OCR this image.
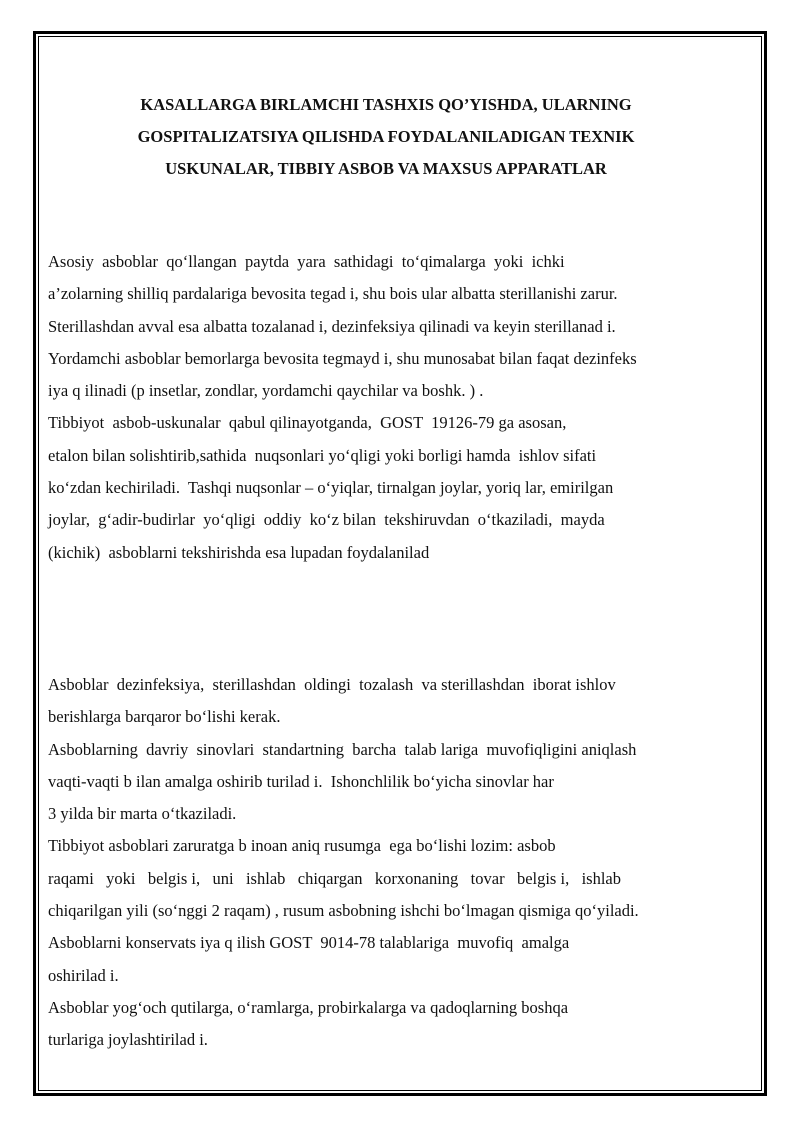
KASALLARGA BIRLAMCHI TASHXIS QO’YISHDA, ULARNING
GOSPITALIZATSIYA QILISHDA FOYDALANILADIGAN TEXNIK
USKUNALAR, TIBBIY ASBOB VA MAXSUS APPARATLAR
Asosiy  asboblar  qo‘llangan  paytda  yara  sathidagi  to‘qimalarga  yoki  ichki
a’zolarning shilliq pardalariga bevosita tegad i, shu bois ular albatta sterillanishi zarur.
Sterillashdan avval esa albatta tozalanad i, dezinfeksiya qilinadi va keyin sterillanad i.
Yordamchi asboblar bemorlarga bevosita tegmayd i, shu munosabat bilan faqat dezinfeks
iya q ilinadi (p insetlar, zondlar, yordamchi qaychilar va boshk. ) .
Tibbiyot  asbob-uskunalar  qabul qilinayotganda,  GOST  19126-79 ga asosan,
etalon bilan solishtirib,sathida  nuqsonlari yo‘qligi yoki borligi hamda  ishlov sifati
ko‘zdan kechiriladi.  Tashqi nuqsonlar – o‘yiqlar, tirnalgan joylar, yoriq lar, emirilgan
joylar,  g‘adir-budirlar  yo‘qligi  oddiy  ko‘z bilan  tekshiruvdan  o‘tkaziladi,  mayda
(kichik)  asboblarni tekshirishda esa lupadan foydalanilad
Asboblar  dezinfeksiya,  sterillashdan  oldingi  tozalash  va sterillashdan  iborat ishlov
berishlarga barqaror bo‘lishi kerak.
Asboblarning  davriy  sinovlari  standartning  barcha  talab lariga  muvofiqligini aniqlash
vaqti-vaqti b ilan amalga oshirib turilad i.  Ishonchlilik bo‘yicha sinovlar har
3 yilda bir marta o‘tkaziladi.
Tibbiyot asboblari zaruratga b inoan aniq rusumga  ega bo‘lishi lozim: asbob
raqami   yoki   belgis i,   uni   ishlab   chiqargan   korxonaning   tovar   belgis i,   ishlab
chiqarilgan yili (so‘nggi 2 raqam) , rusum asbobning ishchi bo‘lmagan qismiga qo‘yiladi.
Asboblarni konservats iya q ilish GOST  9014-78 talablariga  muvofiq  amalga
oshirilad i.
Asboblar yog‘och qutilarga, o‘ramlarga, probirkalarga va qadoqlarning boshqa
turlariga joylashtirilad i.
